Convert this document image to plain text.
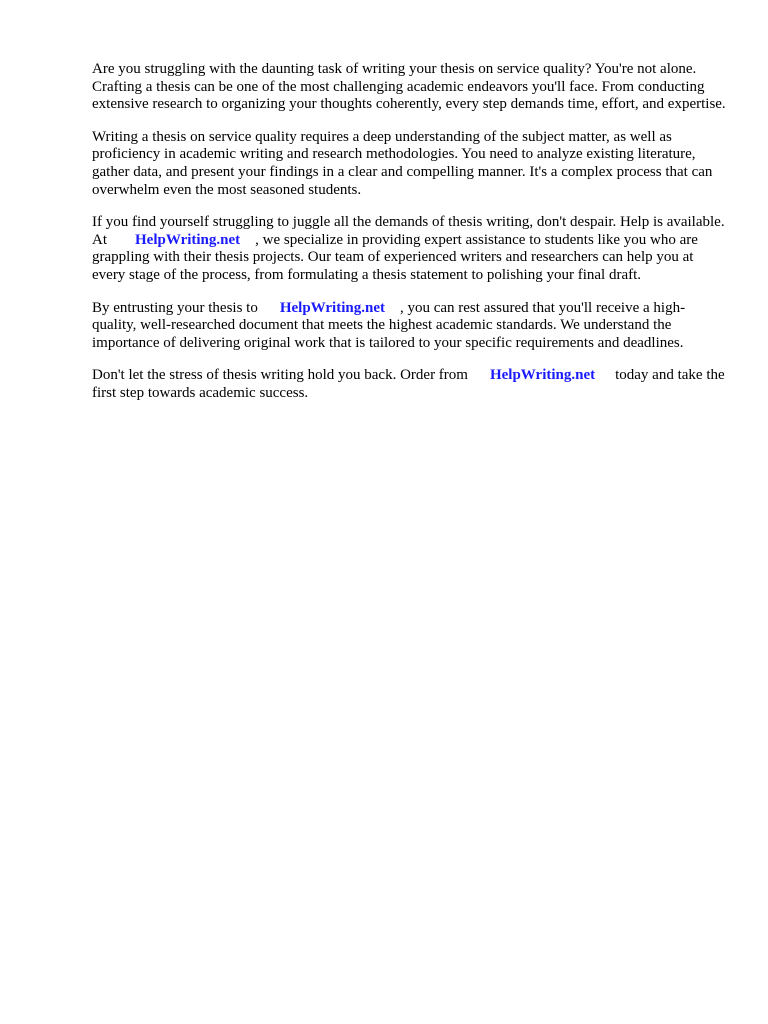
Are you struggling with the daunting task of writing your thesis on service quality? You're not alone. Crafting a thesis can be one of the most challenging academic endeavors you'll face. From conducting extensive research to organizing your thoughts coherently, every step demands time, effort, and expertise.

Writing a thesis on service quality requires a deep understanding of the subject matter, as well as proficiency in academic writing and research methodologies. You need to analyze existing literature, gather data, and present your findings in a clear and compelling manner. It's a complex process that can overwhelm even the most seasoned students.

If you find yourself struggling to juggle all the demands of thesis writing, don't despair. Help is available. At HelpWriting.net , we specialize in providing expert assistance to students like you who are grappling with their thesis projects. Our team of experienced writers and researchers can help you at every stage of the process, from formulating a thesis statement to polishing your final draft.

By entrusting your thesis to HelpWriting.net , you can rest assured that you'll receive a high-quality, well-researched document that meets the highest academic standards. We understand the importance of delivering original work that is tailored to your specific requirements and deadlines.

Don't let the stress of thesis writing hold you back. Order from HelpWriting.net today and take the first step towards academic success.
